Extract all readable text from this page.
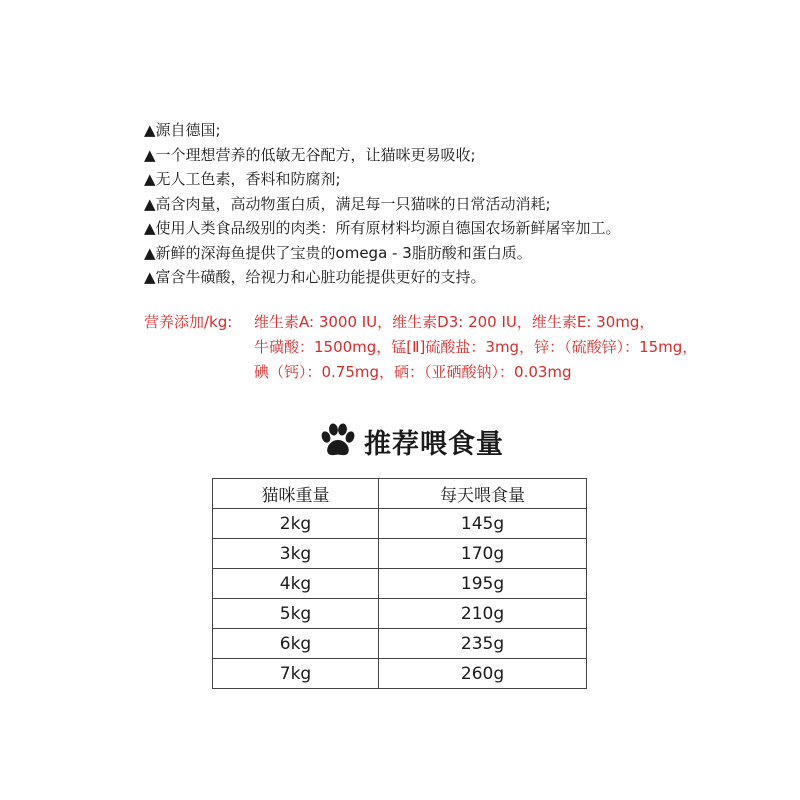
▲源自德国;
▲一个理想营养的低敏无谷配方，让猫咪更易吸收;
▲无人工色素，香料和防腐剂;
▲高含肉量，高动物蛋白质，满足每一只猫咪的日常活动消耗;
▲使用人类食品级别的肉类：所有原材料均源自德国农场新鲜屠宰加工。
▲新鲜的深海鱼提供了宝贵的omega - 3脂肪酸和蛋白质。
▲富含牛磺酸，给视力和心脏功能提供更好的支持。
营养添加/kg: 维生素A: 3000 IU，维生素D3: 200 IU，维生素E: 30mg，
牛磺酸：1500mg，锰[Ⅱ]硫酸盐：3mg，锌：（硫酸锌）：15mg，
碘（钙）：0.75mg，硒：（亚硒酸钠）：0.03mg
推荐喂食量
猫咪重量	每天喂食量
2kg	145g
3kg	170g
4kg	195g
5kg	210g
6kg	235g
7kg	260g
